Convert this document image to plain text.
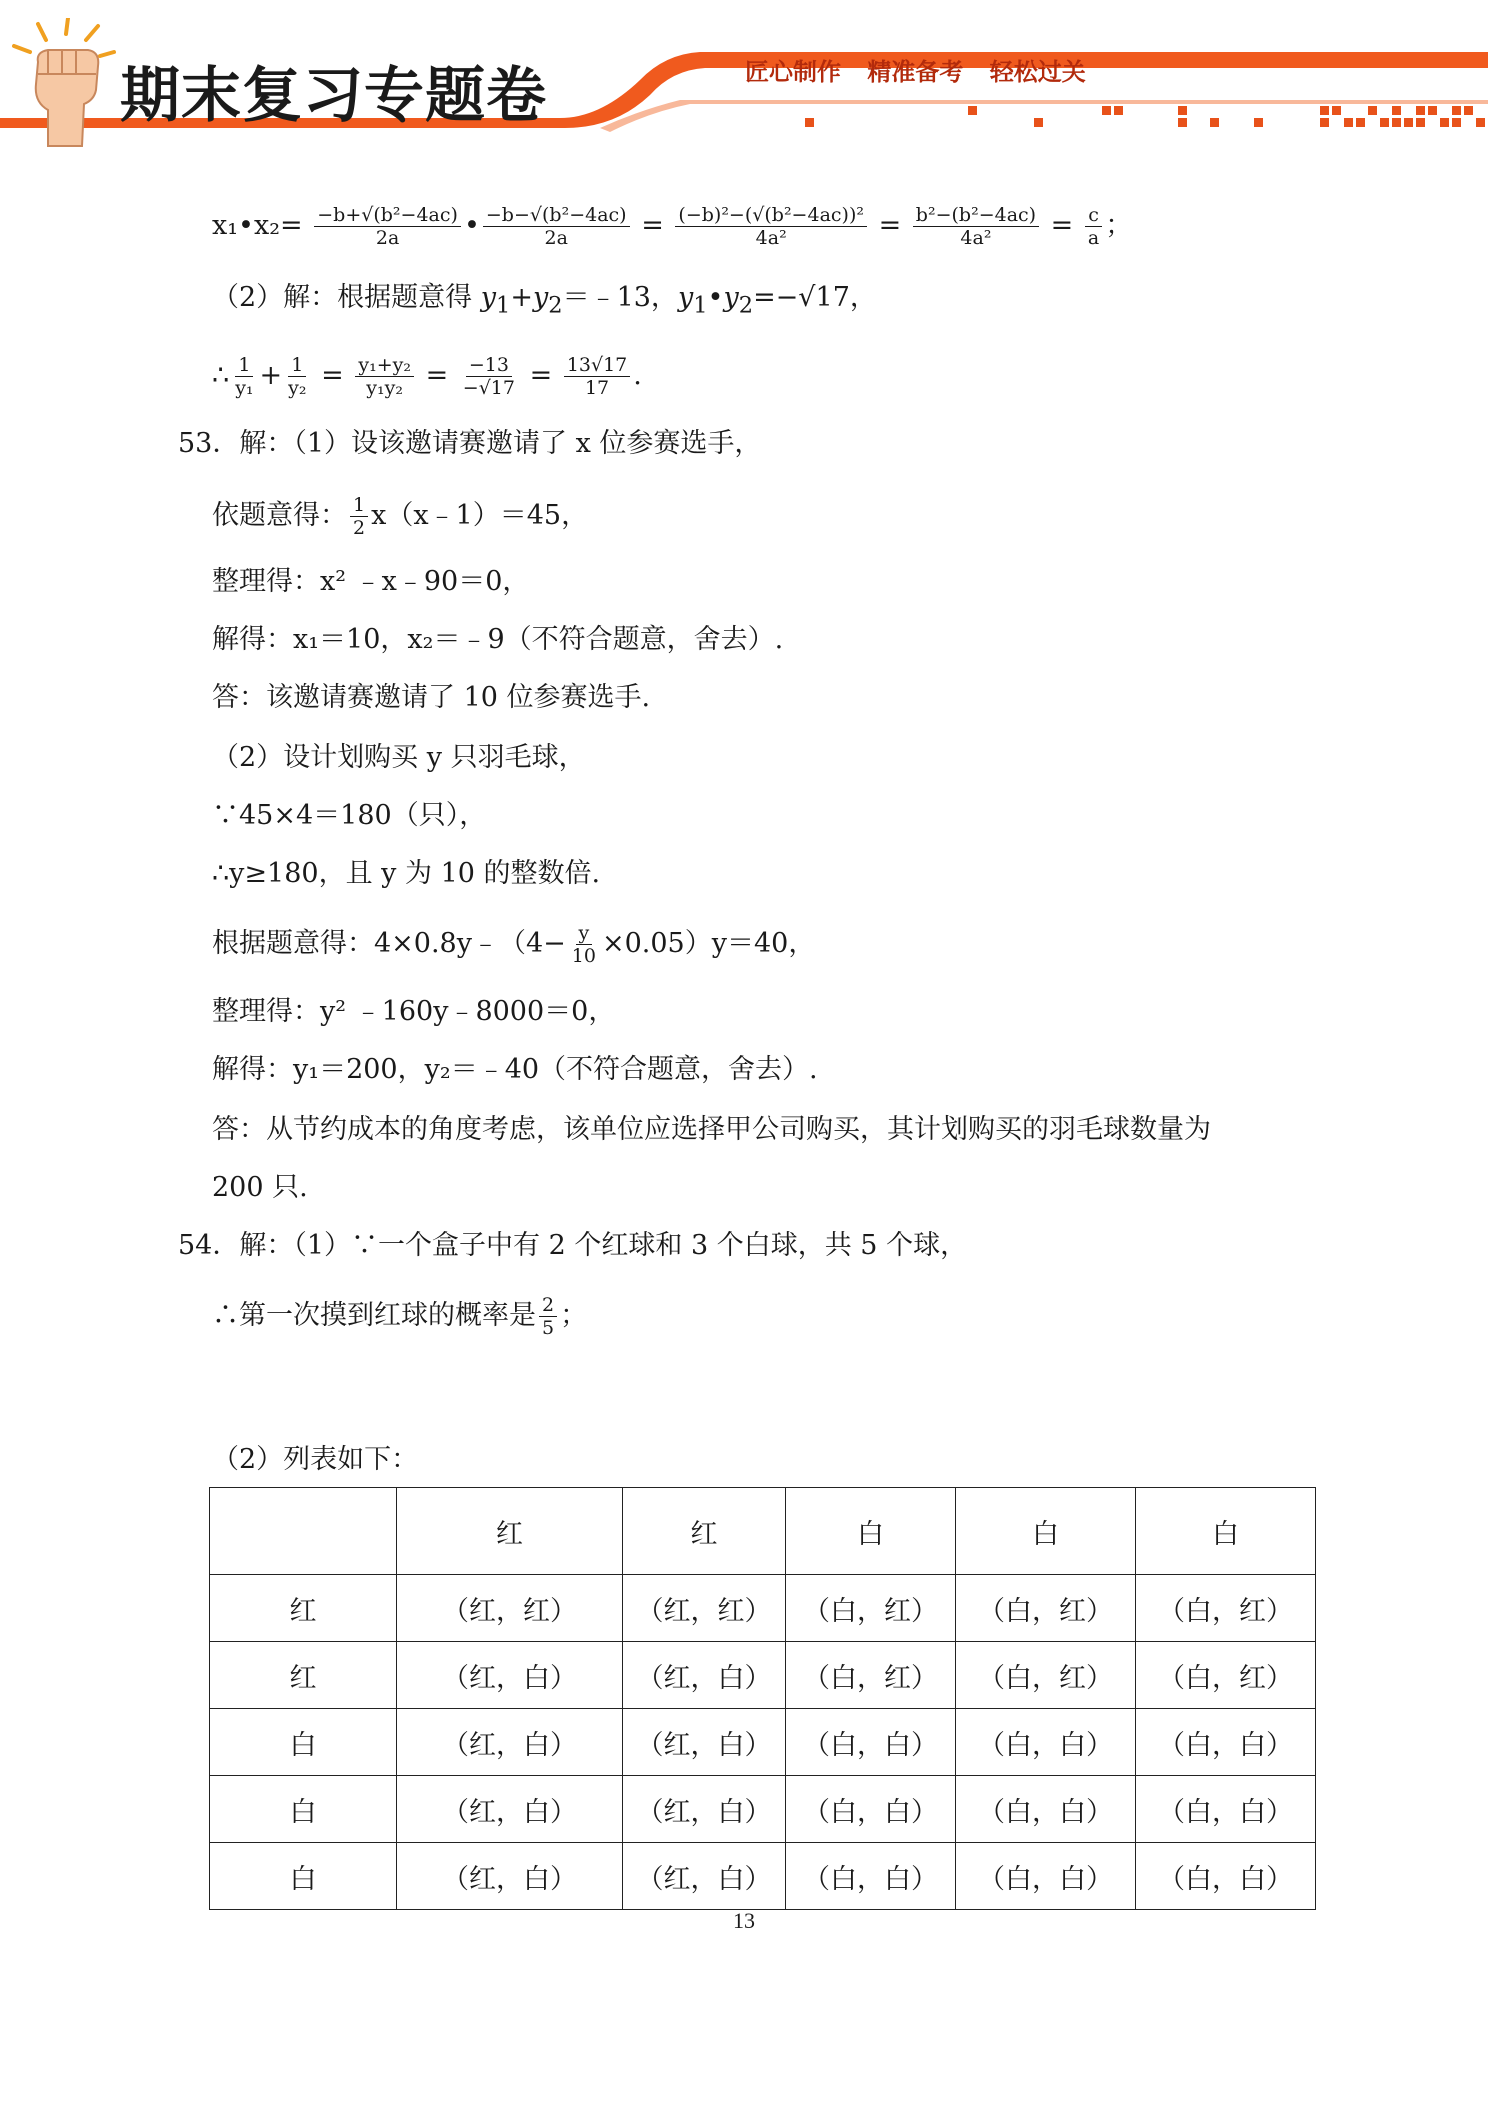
期末复习专题卷	匠心制作 精准备考 轻松过关
x₁•x₂= $\frac{\text{−b+√(b²−4ac)}}{2a}$ • $\frac{\text{−b−√(b²−4ac)}}{2a} = \frac{\text{(−b)²−(√(b²−4ac))²}}{\text{4a²}} = \frac{\text{b²−(b²−4ac)}}{\text{4a²}} = \frac{c}{a}$ ；
（2）解：根据题意得 $y_1+y_2=﹣13$，$y_1•y_2=-√17$，
∴ $\frac{1}{\text{y₁}} + \frac{1}{\text{y₂}} = \frac{\text{y₁+y₂}}{\text{y₁y₂}} = \frac{-13}{-√17} = \frac{13√17}{17}$ .
53．解：（1）设该邀请赛邀请了 x 位参赛选手，
依题意得： $\frac{1}{2}$ x（x﹣1）＝45，
整理得：x² ﹣x﹣90＝0，
解得：x₁＝10，x₂＝﹣9（不符合题意，舍去）.
答：该邀请赛邀请了 10 位参赛选手.
（2）设计划购买 y 只羽毛球，
∵45×4＝180（只），
∴y≥180，且 y 为 10 的整数倍.
根据题意得：4×0.8y﹣（4− $\frac{y}{10} \times 0.05)y=40$，
整理得：y² ﹣160y﹣8000＝0，
解得：y₁＝200，y₂＝﹣40（不符合题意，舍去）.
答：从节约成本的角度考虑，该单位应选择甲公司购买，其计划购买的羽毛球数量为
200 只.
54．解：（1）∵一个盒子中有 2 个红球和 3 个白球，共 5 个球，
∴第一次摸到红球的概率是 $\frac{2}{5}$ ；
（2）列表如下：
	红	红	白	白	白
红	（红，红）	（红，红）	（白，红）	（白，红）	（白，红）
红	（红，白）	（红，白）	（白，红）	（白，红）	（白，红）
白	（红，白）	（红，白）	（白，白）	（白，白）	（白，白）
白	（红，白）	（红，白）	（白，白）	（白，白）	（白，白）
白	（红，白）	（红，白）	（白，白）	（白，白）	（白，白）
13
